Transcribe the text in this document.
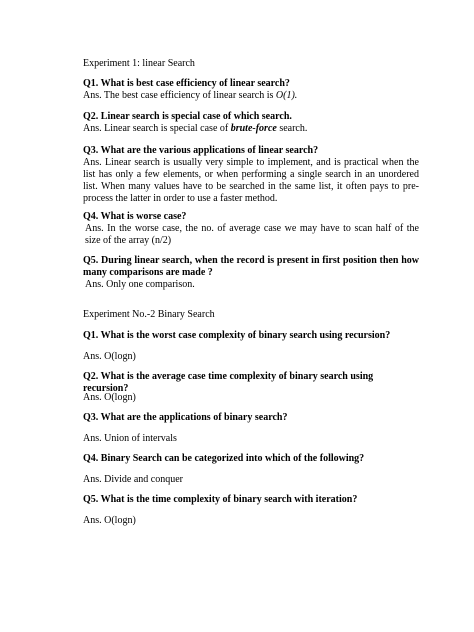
Experiment 1: linear Search

Q1. What is best case efficiency of linear search?

Ans. The best case efficiency of linear search is O(1).

Q2. Linear search is special case of which search.

Ans. Linear search is special case of brute-force search.

Q3. What are the various applications of linear search?

Ans. Linear search is usually very simple to implement, and is practical when the list has only a few elements, or when performing a single search in an unordered list. When many values have to be searched in the same list, it often pays to pre-process the latter in order to use a faster method.

Q4. What is worse case?

Ans. In the worse case, the no. of average case we may have to scan half of the size of the array (n/2)

Q5. During linear search, when the record is present in first position then how many comparisons are made ?

Ans. Only one comparison.

Experiment No.-2 Binary Search

Q1. What is the worst case complexity of binary search using recursion?

Ans. O(logn)

Q2. What is the average case time complexity of binary search using recursion?

Ans. O(logn)

Q3. What are the applications of binary search?

Ans. Union of intervals

Q4. Binary Search can be categorized into which of the following?

Ans. Divide and conquer

Q5. What is the time complexity of binary search with iteration?

Ans. O(logn)
